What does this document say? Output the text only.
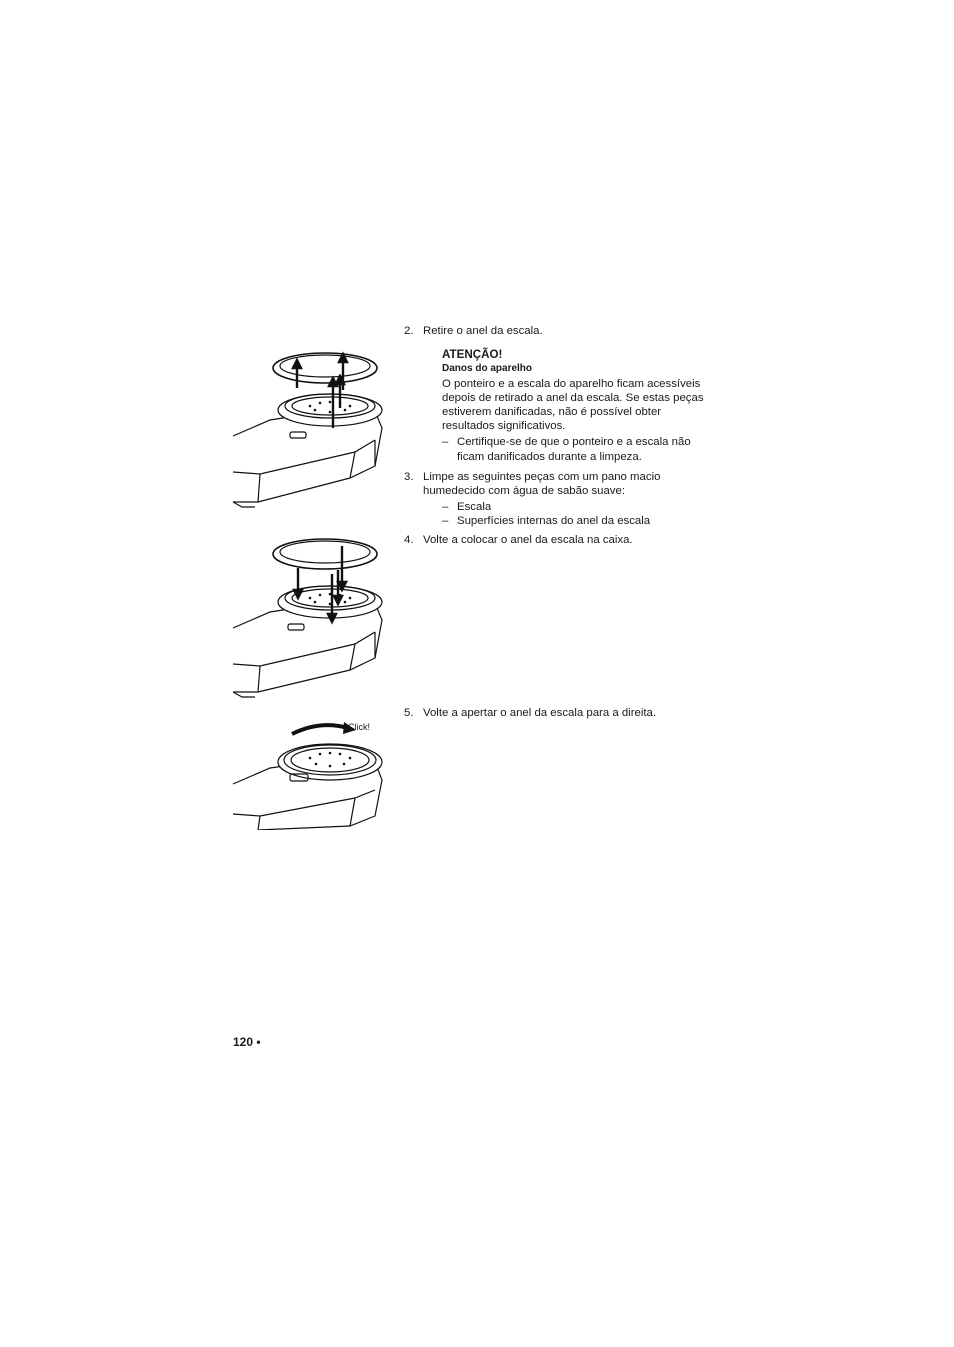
Click!

2. Retire o anel da escala.

ATENÇÃO!

Danos do aparelho

O ponteiro e a escala do aparelho ficam acessíveis depois de retirado a anel da escala. Se estas peças estiverem danificadas, não é possível obter resultados significativos.

– Certifique-se de que o ponteiro e a escala não ficam danificados durante a limpeza.

3. Limpe as seguintes peças com um pano macio humedecido com água de sabão suave:

– Escala

– Superfícies internas do anel da escala

4. Volte a colocar o anel da escala na caixa.

5. Volte a apertar o anel da escala para a direita.

120 •
